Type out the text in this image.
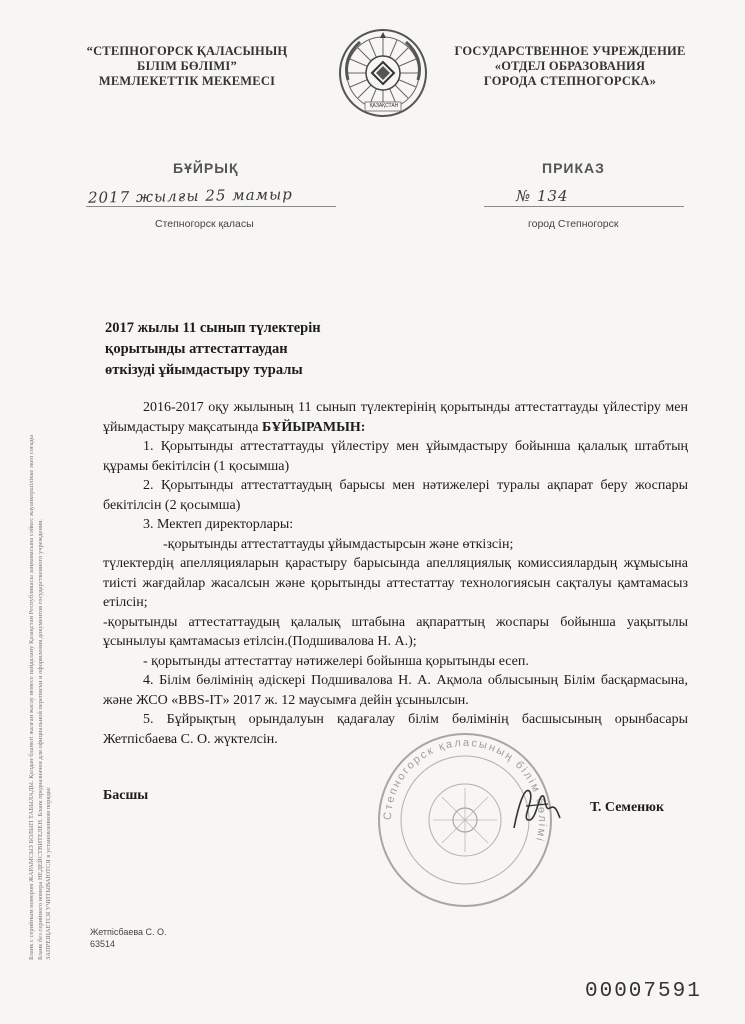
“СТЕПНОГОРСК ҚАЛАСЫНЫҢ
БІЛІМ БӨЛІМІ”
МЕМЛЕКЕТТІК МЕКЕМЕСІ
ҚАЗАҚСТАН
ГОСУДАРСТВЕННОЕ УЧРЕЖДЕНИЕ
«ОТДЕЛ ОБРАЗОВАНИЯ
ГОРОДА СТЕПНОГОРСКА»
БҰЙРЫҚ	ПРИКАЗ
2017 жылғы 25 мамыр	№ 134
Степногорск қаласы	город Степногорск
2017 жылы 11 сынып түлектерін
қорытынды аттестаттаудан
өткізуді ұйымдастыру туралы

2016-2017 оқу жылының 11 сынып түлектерінің қорытынды аттестаттауды үйлестіру мен ұйымдастыру мақсатында БҰЙЫРАМЫН:

1. Қорытынды аттестаттауды үйлестіру мен ұйымдастыру бойынша қалалық штабтың құрамы бекітілсін (1 қосымша)

2. Қорытынды аттестаттаудың барысы мен нәтижелері туралы ақпарат беру жоспары бекітілсін (2 қосымша)

3. Мектеп директорлары:

-қорытынды аттестаттауды ұйымдастырсын және өткізсін;

түлектердің апелляцияларын қарастыру барысында апелляциялық комиссиялардың жұмысына тиісті жағдайлар жасалсын және қорытынды аттестаттау технологиясын сақталуы қамтамасыз етілсін;

-қорытынды аттестаттаудың қалалық штабына ақпараттың жоспары бойынша уақытылы ұсынылуы қамтамасыз етілсін.(Подшивалова Н. А.);

- қорытынды аттестаттау нәтижелері бойынша қорытынды есеп.

4. Білім бөлімінің әдіскері Подшивалова Н. А. Ақмола облысының Білім басқармасына, және ЖСО «BBS-IT» 2017 ж. 12 маусымға дейін ұсынылсын.

5. Бұйрықтың орындалуын қадағалау білім бөлімінің басшысының орынбасары Жетпісбаева С. О. жүктелсін.

Степногорск қаласының білім бөлімі
Басшы
Т. Семенюк
Бланк с серийным номером ЖАРАМСЫЗ БОЛЫП ТАБЫЛАДЫ. Қолдан бланкті жалған жасау немесе пайдалану Қазақстан Республикасы заңнамасына сәйкес жауапкершілікке әкеп соғады Бланк без серийного номера НЕДЕЙСТВИТЕЛЕН. Бланк предназначен для официальной переписки и оформления документов государственного учреждения. ЗАПРЕЩАЕТСЯ УЧИТЫВАЮТСЯ в установленном порядке	Жетпісбаева С. О.
63514
00007591
